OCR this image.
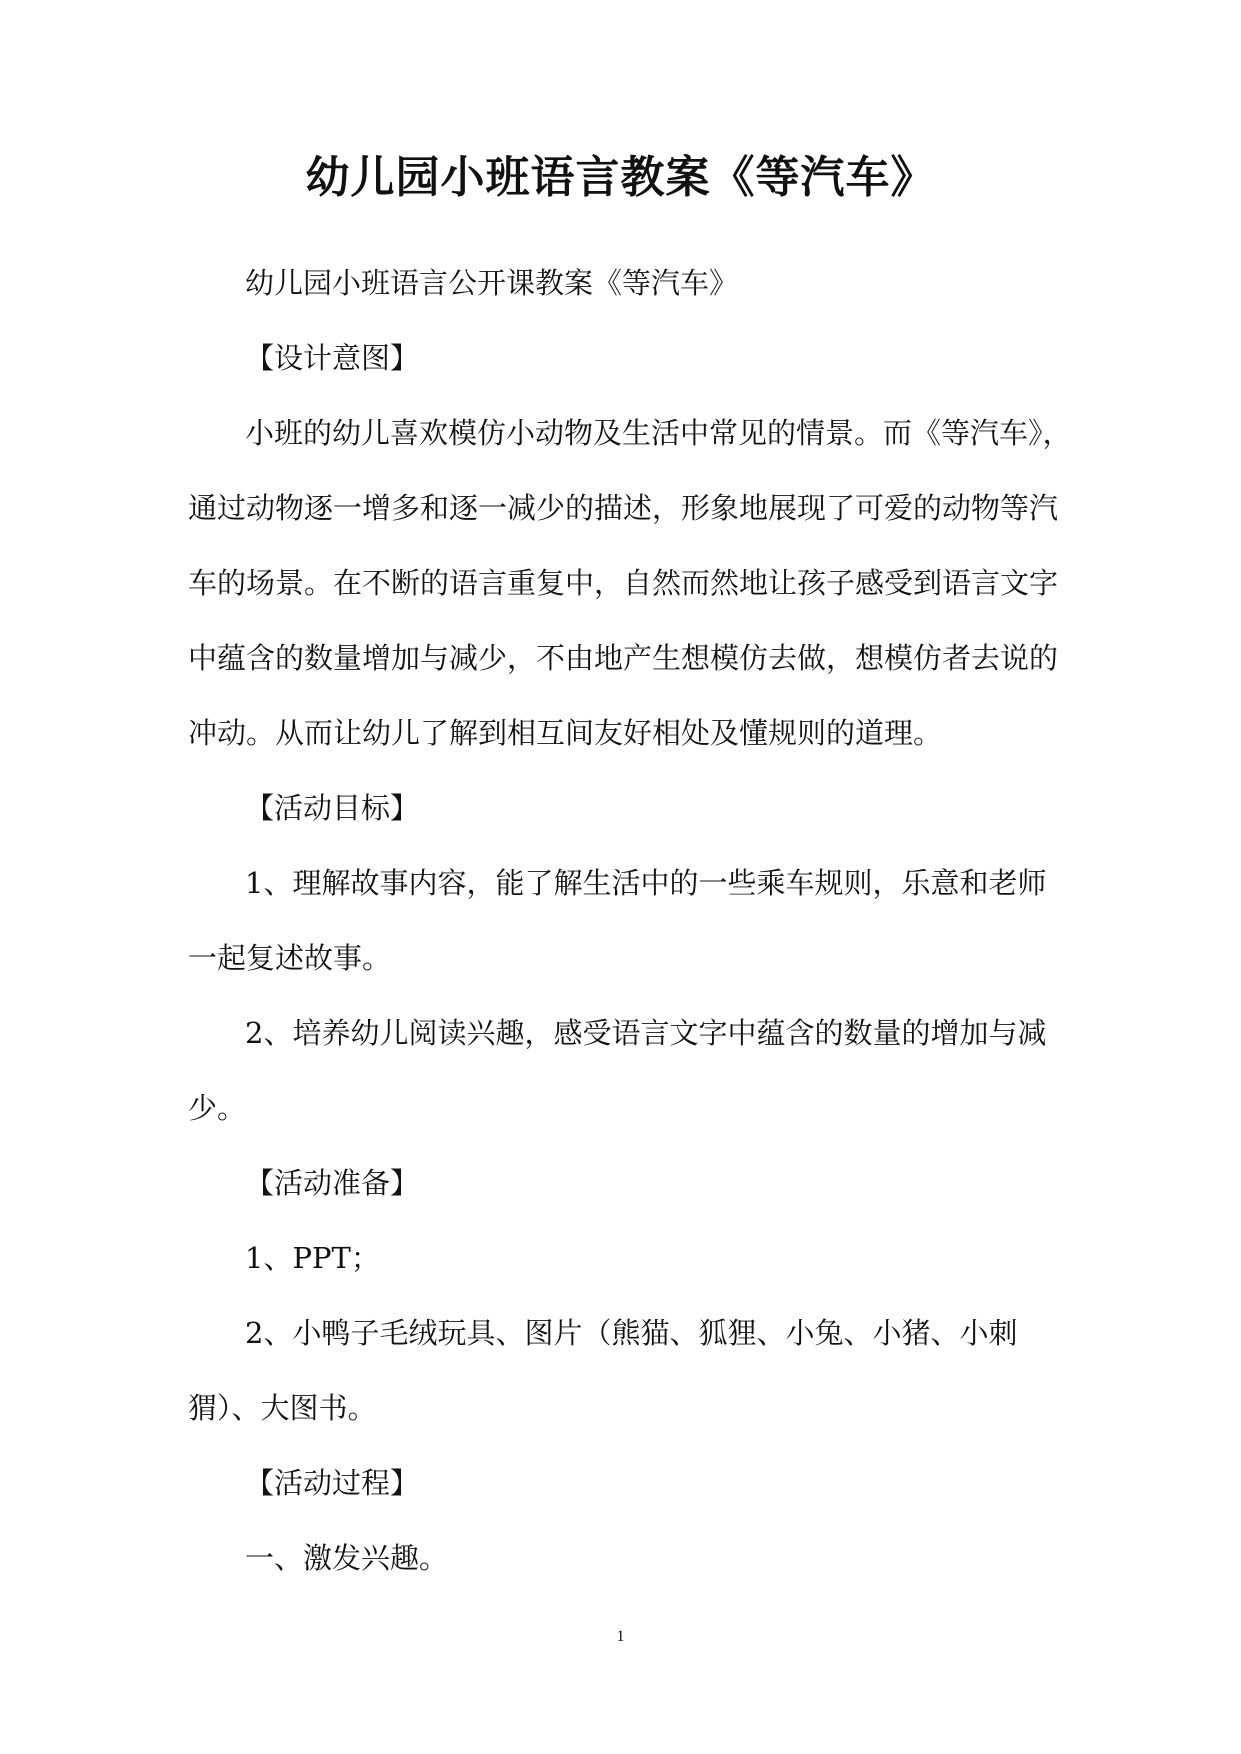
幼儿园小班语言教案《等汽车》
幼儿园小班语言公开课教案《等汽车》
【设计意图】
小班的幼儿喜欢模仿小动物及生活中常见的情景。而《等汽车》，
通过动物逐一增多和逐一减少的描述，形象地展现了可爱的动物等汽
车的场景。在不断的语言重复中，自然而然地让孩子感受到语言文字
中蕴含的数量增加与减少，不由地产生想模仿去做，想模仿者去说的
冲动。从而让幼儿了解到相互间友好相处及懂规则的道理。
【活动目标】
1、理解故事内容，能了解生活中的一些乘车规则，乐意和老师
一起复述故事。
2、培养幼儿阅读兴趣，感受语言文字中蕴含的数量的增加与减
少。
【活动准备】
1、PPT；
2、小鸭子毛绒玩具、图片（熊猫、狐狸、小兔、小猪、小刺
猬）、大图书。
【活动过程】
一、激发兴趣。
1
